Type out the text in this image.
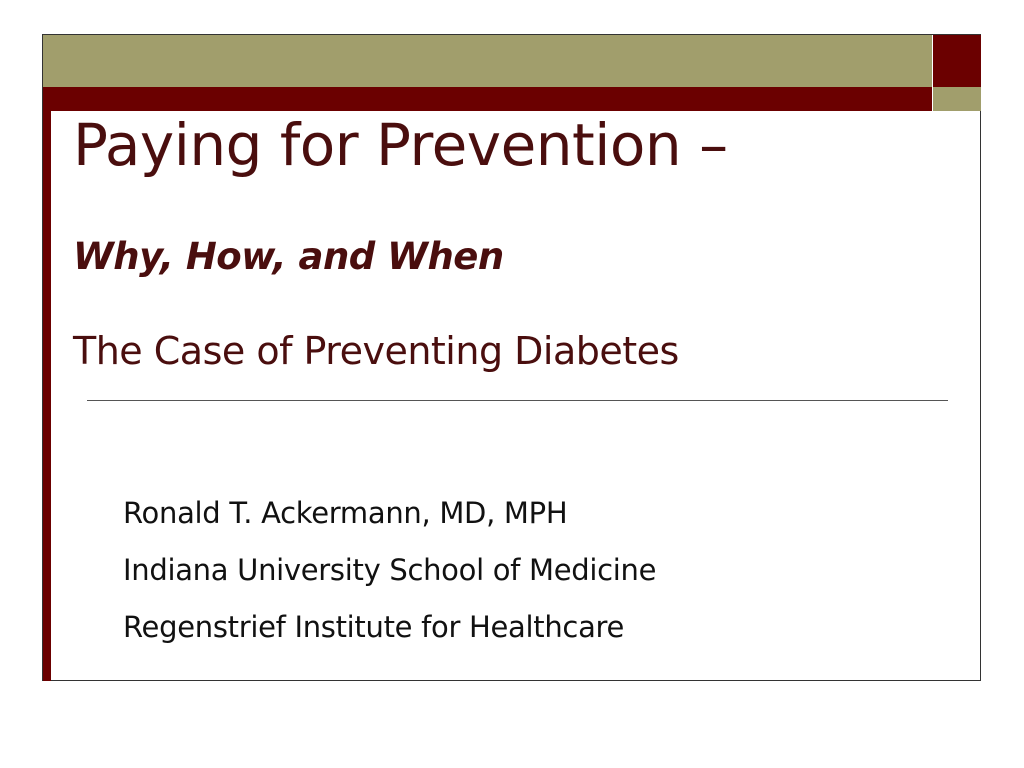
Paying for Prevention –
Why, How, and When
The Case of Preventing Diabetes
Ronald T. Ackermann, MD, MPH
Indiana University School of Medicine
Regenstrief Institute for Healthcare
